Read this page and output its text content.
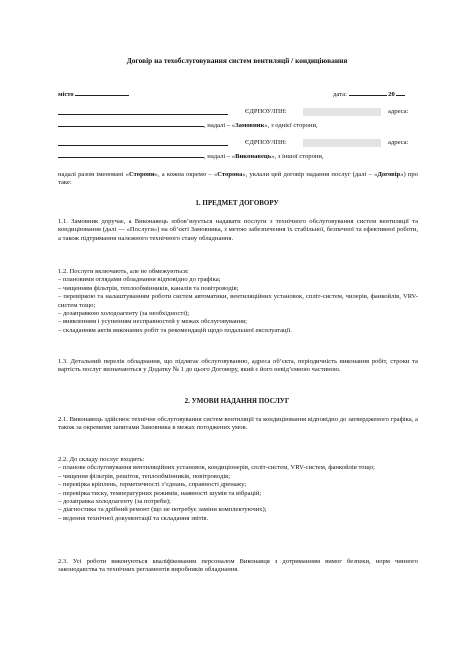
Договір на техобслуговування систем вентиляції / кондиціювання
місто	дата:	20
ЄДРПОУ/ІПН:	адреса:
, надалі – «Замовник», з однієї сторони,
ЄДРПОУ/ІПН:	адреса:
, надалі – «Виконавець», з іншої сторони,
надалі разом іменовані «Сторони», а кожна окремо – «Сторона», уклали цей договір надання послуг (далі – «Договір») про таке:
1. ПРЕДМЕТ ДОГОВОРУ
1.1. Замовник доручає, а Виконавець зобов’язується надавати послуги з технічного обслуговування систем вентиляції та кондиціювання (далі — «Послуги») на об’єкті Замовника, з метою забезпечення їх стабільної, безпечної та ефективної роботи, а також підтримання належного технічного стану обладнання.
1.2. Послуги включають, але не обмежуються:
– плановими оглядами обладнання відповідно до графіка;
– чищенням фільтрів, теплообмінників, каналів та повітроводів;
– перевіркою та налаштуванням роботи систем автоматики, вентиляційних установок, спліт-систем, чилерів, фанкойлів, VRV-систем тощо;
– дозаправкою холодоагенту (за необхідності);
– виявленням і усуненням несправностей у межах обслуговування;
– складанням актів виконаних робіт та рекомендацій щодо подальшої експлуатації.
1.3. Детальний перелік обладнання, що підлягає обслуговуванню, адреса об’єкта, періодичність виконання робіт, строки та вартість послуг визначаються у Додатку № 1 до цього Договору, який є його невід’ємною частиною.
2. УМОВИ НАДАННЯ ПОСЛУГ
2.1. Виконавець здійснює технічне обслуговування систем вентиляції та кондиціювання відповідно до затвердженого графіка, а також за окремими запитами Замовника в межах погоджених умов.
2.2. До складу послуг входить:
– планове обслуговування вентиляційних установок, кондиціонерів, спліт-систем, VRV-систем, фанкойлів тощо;
– чищення фільтрів, решіток, теплообмінників, повітроводів;
– перевірка кріплень, герметичності з’єднань, справності дренажу;
– перевірка тиску, температурних режимів, наявності шумів та вібрацій;
– дозаправка холодоагенту (за потреби);
– діагностика та дрібний ремонт (що не потребує заміни комплектуючих);
– ведення технічної документації та складання звітів.
2.3. Усі роботи виконуються кваліфікованим персоналом Виконавця з дотриманням вимог безпеки, норм чинного законодавства та технічних регламентів виробників обладнання.
